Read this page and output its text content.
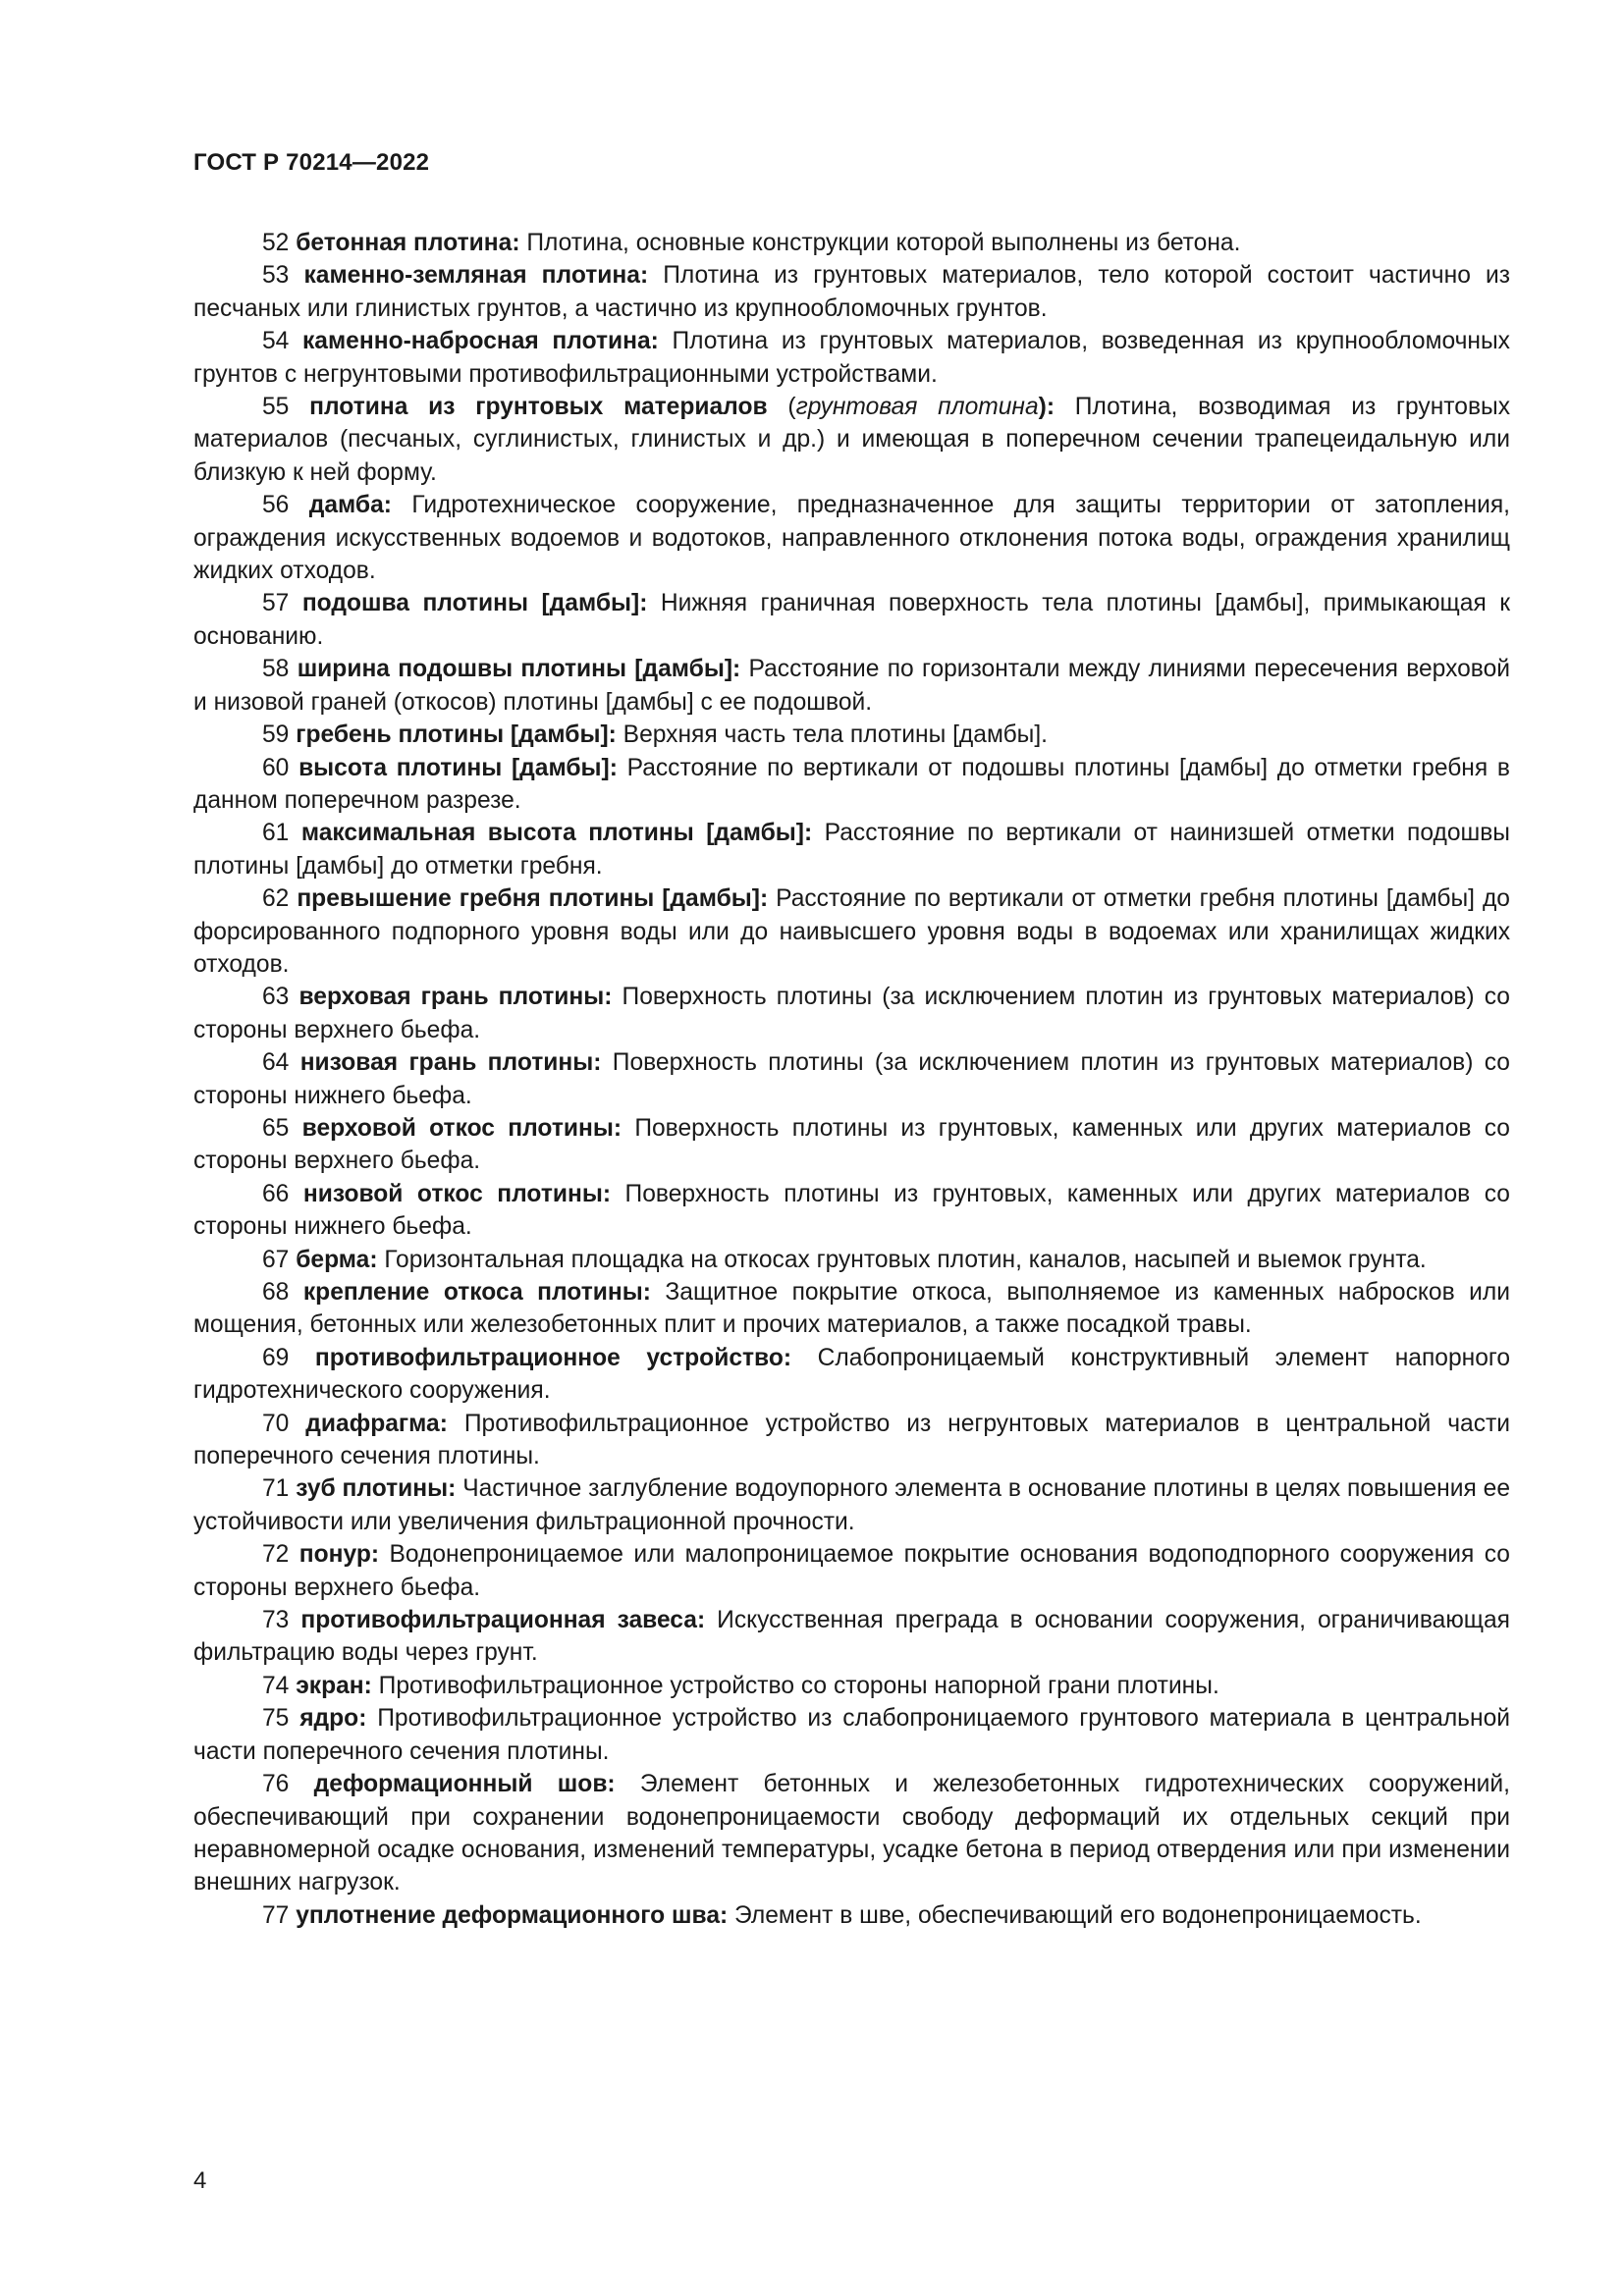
ГОСТ Р 70214—2022
52 бетонная плотина: Плотина, основные конструкции которой выполнены из бетона.
53 каменно-земляная плотина: Плотина из грунтовых материалов, тело которой состоит частично из песчаных или глинистых грунтов, а частично из крупнообломочных грунтов.
54 каменно-набросная плотина: Плотина из грунтовых материалов, возведенная из крупнообломочных грунтов с негрунтовыми противофильтрационными устройствами.
55 плотина из грунтовых материалов (грунтовая плотина): Плотина, возводимая из грунтовых материалов (песчаных, суглинистых, глинистых и др.) и имеющая в поперечном сечении трапецеидальную или близкую к ней форму.
56 дамба: Гидротехническое сооружение, предназначенное для защиты территории от затопления, ограждения искусственных водоемов и водотоков, направленного отклонения потока воды, ограждения хранилищ жидких отходов.
57 подошва плотины [дамбы]: Нижняя граничная поверхность тела плотины [дамбы], примыкающая к основанию.
58 ширина подошвы плотины [дамбы]: Расстояние по горизонтали между линиями пересечения верховой и низовой граней (откосов) плотины [дамбы] с ее подошвой.
59 гребень плотины [дамбы]: Верхняя часть тела плотины [дамбы].
60 высота плотины [дамбы]: Расстояние по вертикали от подошвы плотины [дамбы] до отметки гребня в данном поперечном разрезе.
61 максимальная высота плотины [дамбы]: Расстояние по вертикали от наинизшей отметки подошвы плотины [дамбы] до отметки гребня.
62 превышение гребня плотины [дамбы]: Расстояние по вертикали от отметки гребня плотины [дамбы] до форсированного подпорного уровня воды или до наивысшего уровня воды в водоемах или хранилищах жидких отходов.
63 верховая грань плотины: Поверхность плотины (за исключением плотин из грунтовых материалов) со стороны верхнего бьефа.
64 низовая грань плотины: Поверхность плотины (за исключением плотин из грунтовых материалов) со стороны нижнего бьефа.
65 верховой откос плотины: Поверхность плотины из грунтовых, каменных или других материалов со стороны верхнего бьефа.
66 низовой откос плотины: Поверхность плотины из грунтовых, каменных или других материалов со стороны нижнего бьефа.
67 берма: Горизонтальная площадка на откосах грунтовых плотин, каналов, насыпей и выемок грунта.
68 крепление откоса плотины: Защитное покрытие откоса, выполняемое из каменных набросков или мощения, бетонных или железобетонных плит и прочих материалов, а также посадкой травы.
69 противофильтрационное устройство: Слабопроницаемый конструктивный элемент напорного гидротехнического сооружения.
70 диафрагма: Противофильтрационное устройство из негрунтовых материалов в центральной части поперечного сечения плотины.
71 зуб плотины: Частичное заглубление водоупорного элемента в основание плотины в целях повышения ее устойчивости или увеличения фильтрационной прочности.
72 понур: Водонепроницаемое или малопроницаемое покрытие основания водоподпорного сооружения со стороны верхнего бьефа.
73 противофильтрационная завеса: Искусственная преграда в основании сооружения, ограничивающая фильтрацию воды через грунт.
74 экран: Противофильтрационное устройство со стороны напорной грани плотины.
75 ядро: Противофильтрационное устройство из слабопроницаемого грунтового материала в центральной части поперечного сечения плотины.
76 деформационный шов: Элемент бетонных и железобетонных гидротехнических сооружений, обеспечивающий при сохранении водонепроницаемости свободу деформаций их отдельных секций при неравномерной осадке основания, изменений температуры, усадке бетона в период отвердения или при изменении внешних нагрузок.
77 уплотнение деформационного шва: Элемент в шве, обеспечивающий его водонепроницаемость.

4
